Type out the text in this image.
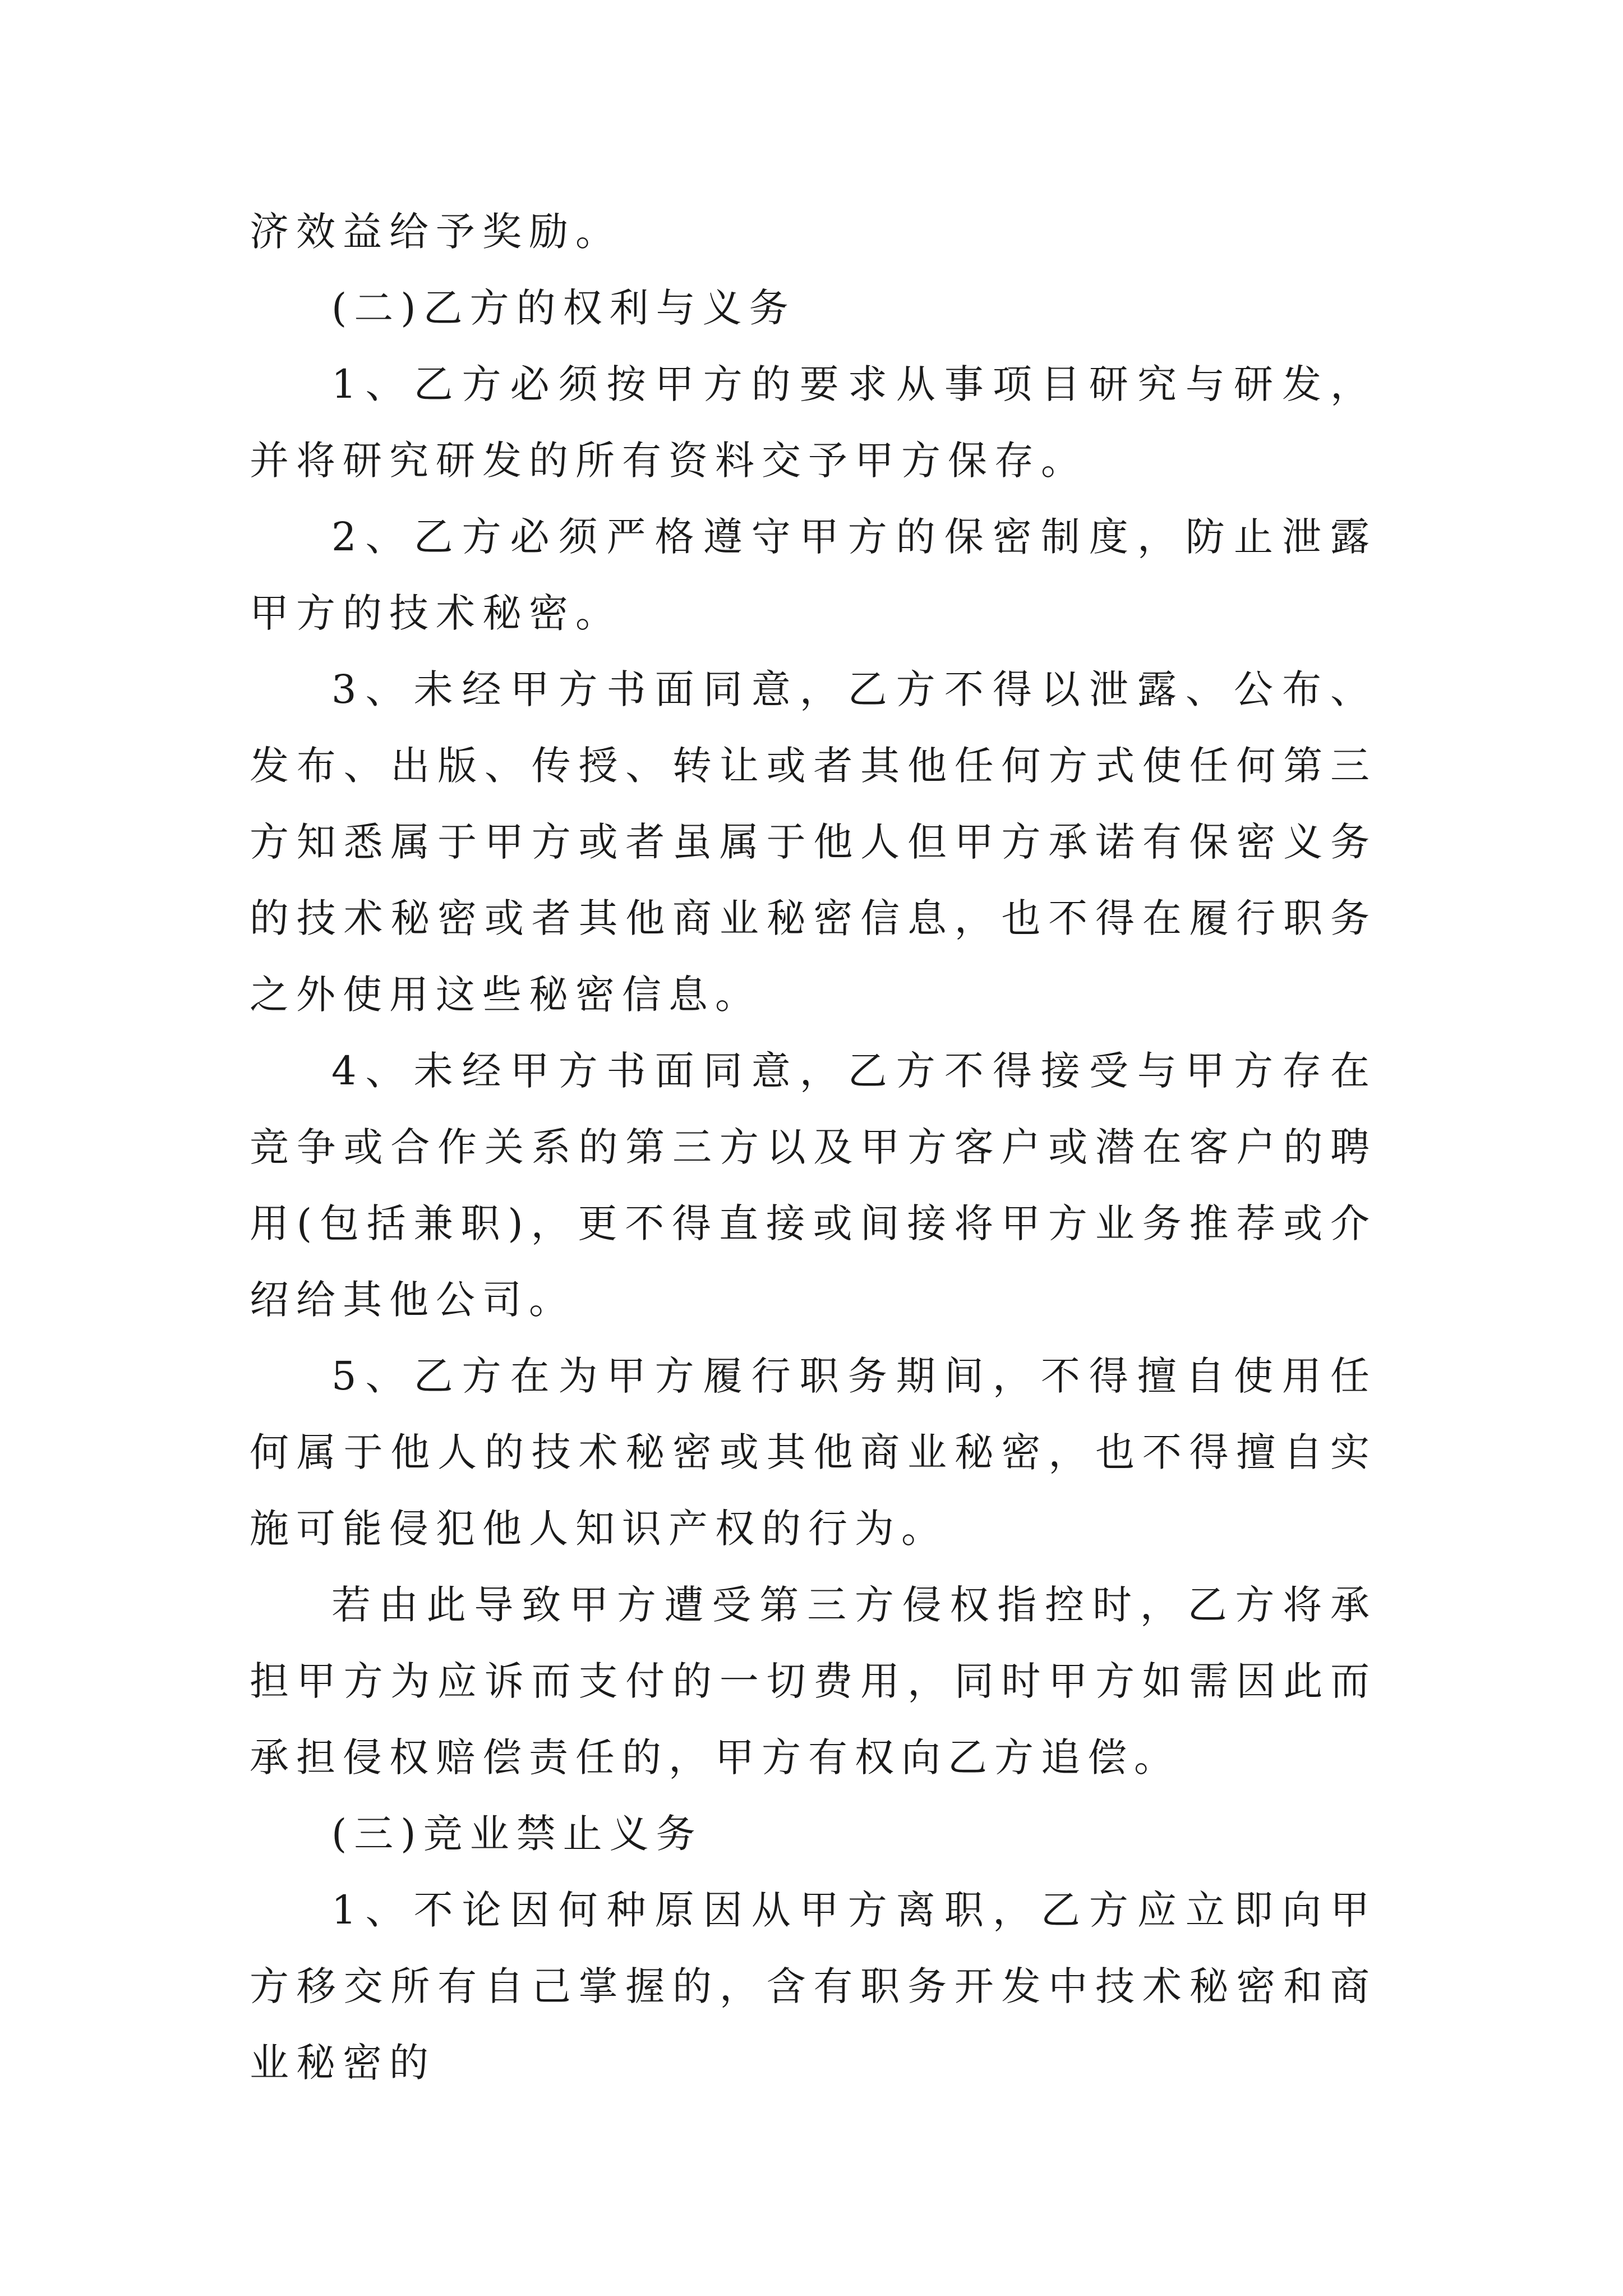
济效益给予奖励。

(二)乙方的权利与义务

1、乙方必须按甲方的要求从事项目研究与研发，并将研究研发的所有资料交予甲方保存。

2、乙方必须严格遵守甲方的保密制度，防止泄露甲方的技术秘密。

3、未经甲方书面同意，乙方不得以泄露、公布、发布、出版、传授、转让或者其他任何方式使任何第三方知悉属于甲方或者虽属于他人但甲方承诺有保密义务的技术秘密或者其他商业秘密信息，也不得在履行职务之外使用这些秘密信息。

4、未经甲方书面同意，乙方不得接受与甲方存在竞争或合作关系的第三方以及甲方客户或潜在客户的聘用(包括兼职)，更不得直接或间接将甲方业务推荐或介绍给其他公司。

5、乙方在为甲方履行职务期间，不得擅自使用任何属于他人的技术秘密或其他商业秘密，也不得擅自实施可能侵犯他人知识产权的行为。

若由此导致甲方遭受第三方侵权指控时，乙方将承担甲方为应诉而支付的一切费用，同时甲方如需因此而承担侵权赔偿责任的，甲方有权向乙方追偿。

(三)竞业禁止义务

1、不论因何种原因从甲方离职，乙方应立即向甲方移交所有自己掌握的，含有职务开发中技术秘密和商业秘密的
